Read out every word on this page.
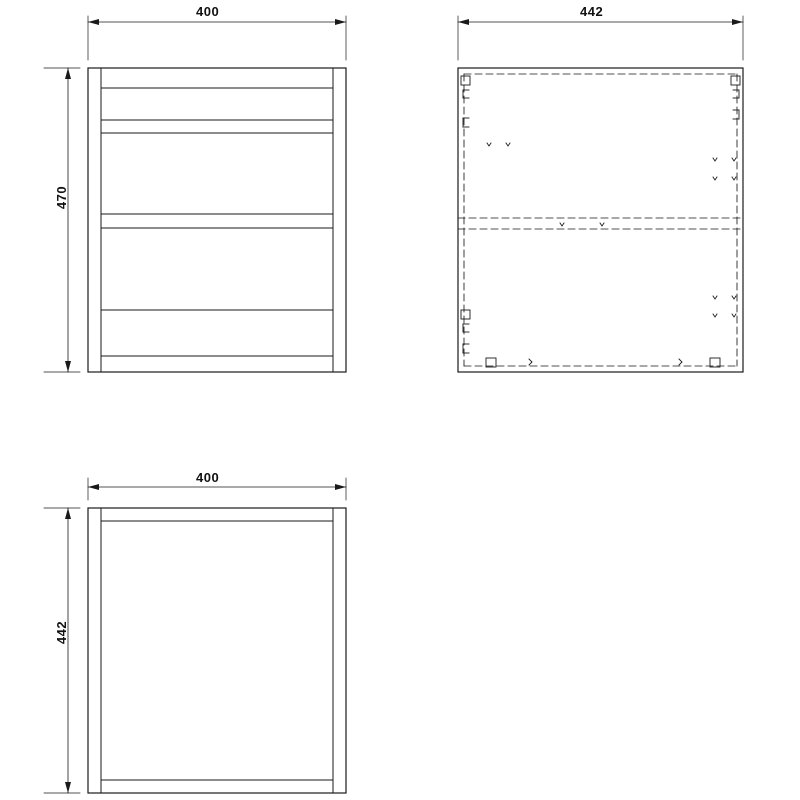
400	442
470
400
442
